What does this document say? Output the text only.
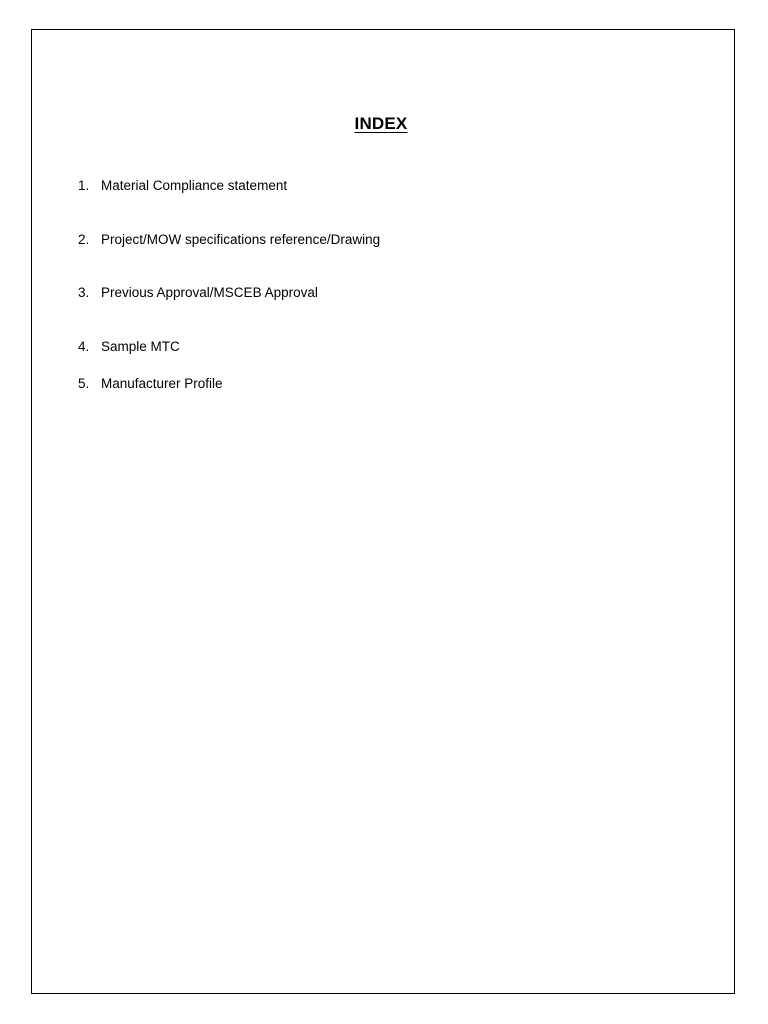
INDEX
1. Material Compliance statement
2. Project/MOW specifications reference/Drawing
3. Previous Approval/MSCEB Approval
4. Sample MTC
5. Manufacturer Profile
